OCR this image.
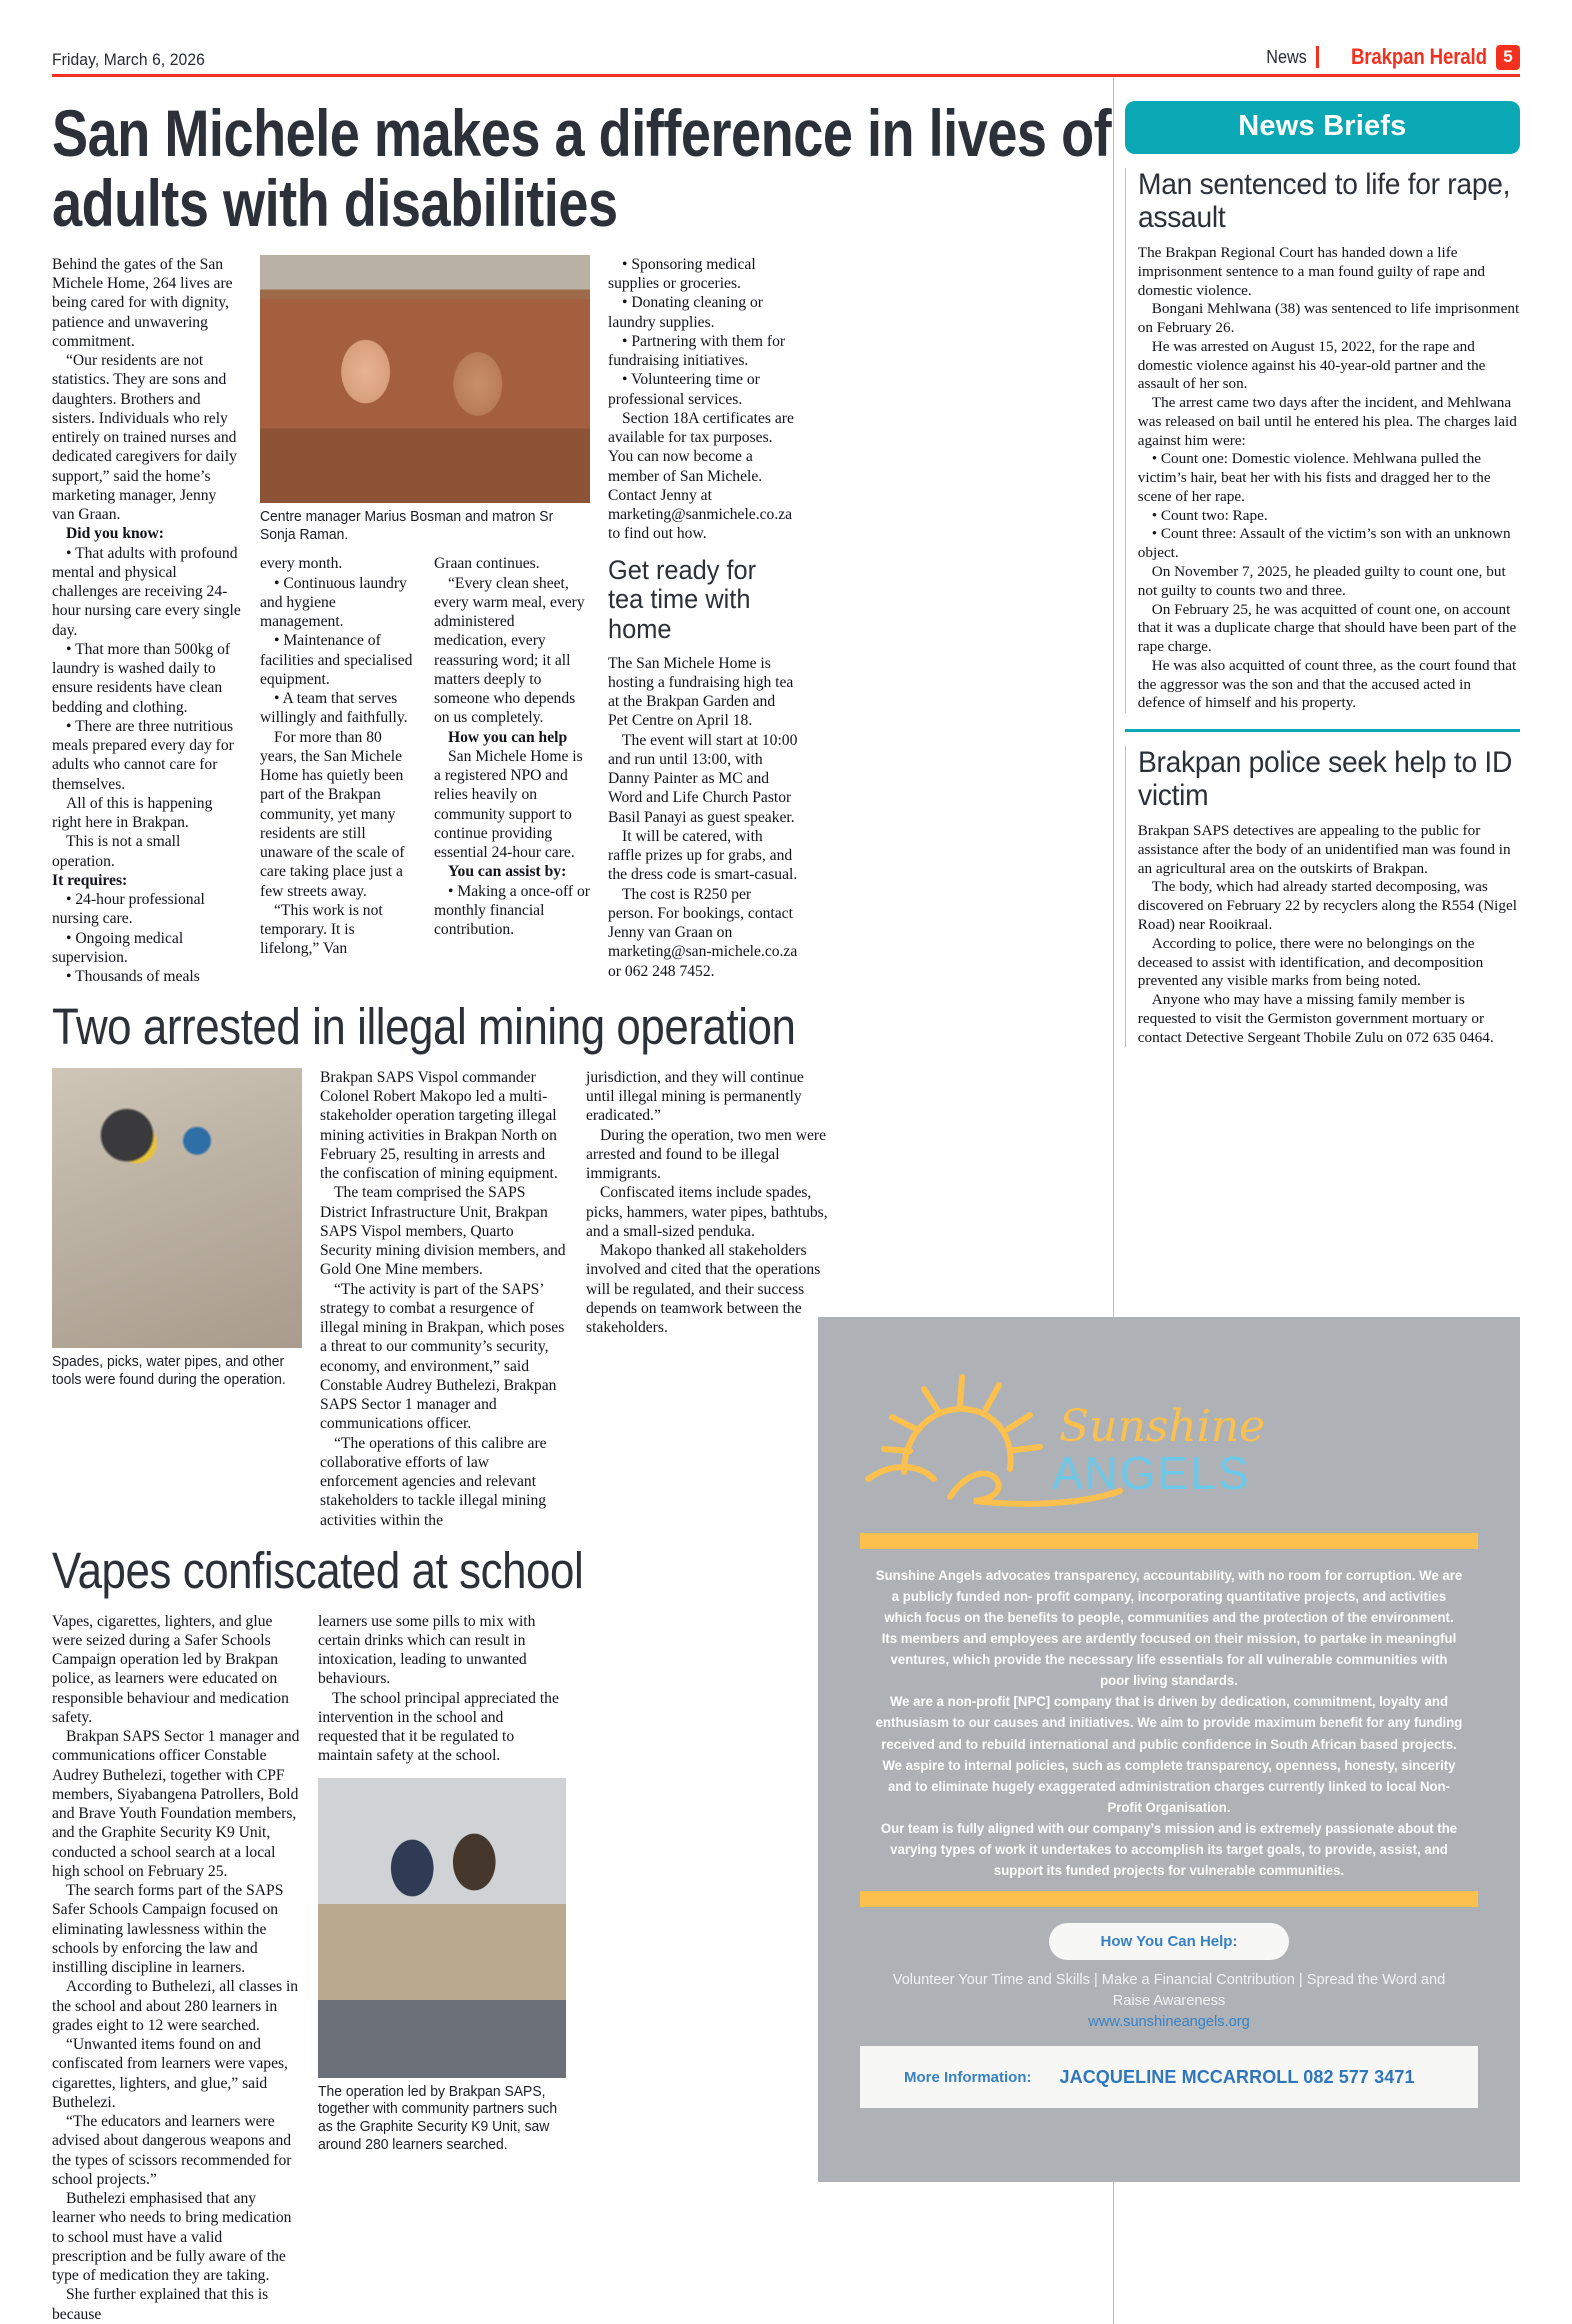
Friday, March 6, 2026	News Brakpan Herald 5
San Michele makes a difference in lives of adults with disabilities

Behind the gates of the San Michele Home, 264 lives are being cared for with dignity, patience and unwavering commitment.

“Our residents are not statistics. They are sons and daughters. Brothers and sisters. Individuals who rely entirely on trained nurses and dedicated caregivers for daily support,” said the home’s marketing manager, Jenny van Graan.

Did you know:

• That adults with profound mental and physical challenges are receiving 24-hour nursing care every single day.

• That more than 500kg of laundry is washed daily to ensure residents have clean bedding and clothing.

• There are three nutritious meals prepared every day for adults who cannot care for themselves.

All of this is happening right here in Brakpan.

This is not a small operation.

It requires:

• 24-hour professional nursing care.

• Ongoing medical supervision.

• Thousands of meals

Centre manager Marius Bosman and matron Sr Sonja Raman.

every month.

• Continuous laundry and hygiene management.

• Maintenance of facilities and specialised equipment.

• A team that serves willingly and faithfully.

For more than 80 years, the San Michele Home has quietly been part of the Brakpan community, yet many residents are still unaware of the scale of care taking place just a few streets away.

“This work is not temporary. It is lifelong,” Van

Graan continues.

“Every clean sheet, every warm meal, every administered medication, every reassuring word; it all matters deeply to someone who depends on us completely.

How you can help

San Michele Home is a registered NPO and relies heavily on community support to continue providing essential 24-hour care.

You can assist by:

• Making a once-off or monthly financial contribution.

• Sponsoring medical supplies or groceries.

• Donating cleaning or laundry supplies.

• Partnering with them for fundraising initiatives.

• Volunteering time or professional services.

Section 18A certificates are available for tax purposes. You can now become a member of San Michele. Contact Jenny at marketing@sanmichele.co.za to find out how.

Get ready for tea time with home

The San Michele Home is hosting a fundraising high tea at the Brakpan Garden and Pet Centre on April 18.

The event will start at 10:00 and run until 13:00, with Danny Painter as MC and Word and Life Church Pastor Basil Panayi as guest speaker.

It will be catered, with raffle prizes up for grabs, and the dress code is smart-casual.

The cost is R250 per person. For bookings, contact Jenny van Graan on marketing@san-michele.co.za or 062 248 7452.

Two arrested in illegal mining operation
Spades, picks, water pipes, and other tools were found during the operation.

Brakpan SAPS Vispol commander Colonel Robert Makopo led a multi-stakeholder operation targeting illegal mining activities in Brakpan North on February 25, resulting in arrests and the confiscation of mining equipment.

The team comprised the SAPS District Infrastructure Unit, Brakpan SAPS Vispol members, Quarto Security mining division members, and Gold One Mine members.

“The activity is part of the SAPS’ strategy to combat a resurgence of illegal mining in Brakpan, which poses a threat to our community’s security, economy, and environment,” said Constable Audrey Buthelezi, Brakpan SAPS Sector 1 manager and communications officer.

“The operations of this calibre are collaborative efforts of law enforcement agencies and relevant stakeholders to tackle illegal mining activities within the

jurisdiction, and they will continue until illegal mining is permanently eradicated.”

During the operation, two men were arrested and found to be illegal immigrants.

Confiscated items include spades, picks, hammers, water pipes, bathtubs, and a small-sized penduka.

Makopo thanked all stakeholders involved and cited that the operations will be regulated, and their success depends on teamwork between the stakeholders.

Vapes confiscated at school

Vapes, cigarettes, lighters, and glue were seized during a Safer Schools Campaign operation led by Brakpan police, as learners were educated on responsible behaviour and medication safety.

Brakpan SAPS Sector 1 manager and communications officer Constable Audrey Buthelezi, together with CPF members, Siyabangena Patrollers, Bold and Brave Youth Foundation members, and the Graphite Security K9 Unit, conducted a school search at a local high school on February 25.

The search forms part of the SAPS Safer Schools Campaign focused on eliminating lawlessness within the schools by enforcing the law and instilling discipline in learners.

According to Buthelezi, all classes in the school and about 280 learners in grades eight to 12 were searched.

“Unwanted items found on and confiscated from learners were vapes, cigarettes, lighters, and glue,” said Buthelezi.

“The educators and learners were advised about dangerous weapons and the types of scissors recommended for school projects.”

Buthelezi emphasised that any learner who needs to bring medication to school must have a valid prescription and be fully aware of the type of medication they are taking.

She further explained that this is because

learners use some pills to mix with certain drinks which can result in intoxication, leading to unwanted behaviours.

The school principal appreciated the intervention in the school and requested that it be regulated to maintain safety at the school.

The operation led by Brakpan SAPS, together with community partners such as the Graphite Security K9 Unit, saw around 280 learners searched.
News Briefs
Man sentenced to life for rape, assault

The Brakpan Regional Court has handed down a life imprisonment sentence to a man found guilty of rape and domestic violence.

Bongani Mehlwana (38) was sentenced to life imprisonment on February 26.

He was arrested on August 15, 2022, for the rape and domestic violence against his 40-year-old partner and the assault of her son.

The arrest came two days after the incident, and Mehlwana was released on bail until he entered his plea. The charges laid against him were:

• Count one: Domestic violence. Mehlwana pulled the victim’s hair, beat her with his fists and dragged her to the scene of her rape.

• Count two: Rape.

• Count three: Assault of the victim’s son with an unknown object.

On November 7, 2025, he pleaded guilty to count one, but not guilty to counts two and three.

On February 25, he was acquitted of count one, on account that it was a duplicate charge that should have been part of the rape charge.

He was also acquitted of count three, as the court found that the aggressor was the son and that the accused acted in defence of himself and his property.

Brakpan police seek help to ID victim

Brakpan SAPS detectives are appealing to the public for assistance after the body of an unidentified man was found in an agricultural area on the outskirts of Brakpan.

The body, which had already started decomposing, was discovered on February 22 by recyclers along the R554 (Nigel Road) near Rooikraal.

According to police, there were no belongings on the deceased to assist with identification, and decomposition prevented any visible marks from being noted.

Anyone who may have a missing family member is requested to visit the Germiston government mortuary or contact Detective Sergeant Thobile Zulu on 072 635 0464.

Sunshine
ANGELS
Sunshine Angels advocates transparency, accountability, with no room for corruption. We are a publicly funded non- profit company, incorporating quantitative projects, and activities which focus on the benefits to people, communities and the protection of the environment.
Its members and employees are ardently focused on their mission, to partake in meaningful ventures, which provide the necessary life essentials for all vulnerable communities with poor living standards.
We are a non-profit [NPC] company that is driven by dedication, commitment, loyalty and enthusiasm to our causes and initiatives. We aim to provide maximum benefit for any funding received and to rebuild international and public confidence in South African based projects. We aspire to internal policies, such as complete transparency, openness, honesty, sincerity and to eliminate hugely exaggerated administration charges currently linked to local Non-Profit Organisation.
Our team is fully aligned with our company’s mission and is extremely passionate about the varying types of work it undertakes to accomplish its target goals, to provide, assist, and support its funded projects for vulnerable communities.
How You Can Help:
Volunteer Your Time and Skills | Make a Financial Contribution | Spread the Word and Raise Awareness
www.sunshineangels.org
More Information: JACQUELINE MCCARROLL 082 577 3471
